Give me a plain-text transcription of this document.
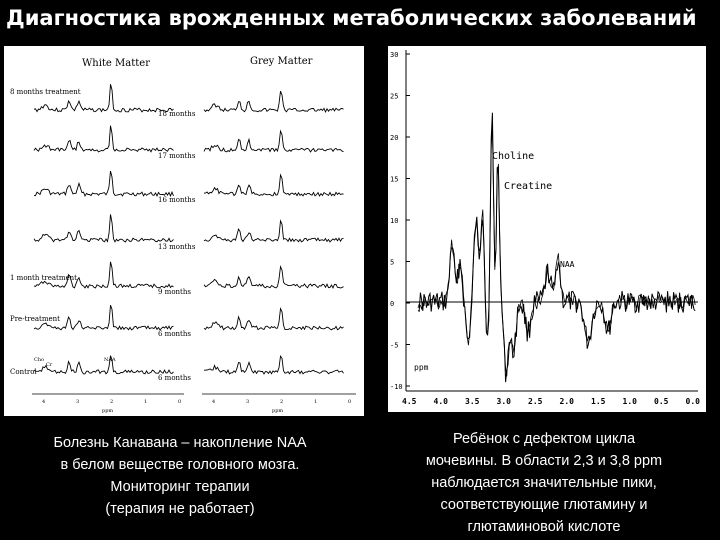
Диагностика врожденных метаболических заболеваний
White Matter	Grey Matter
8 months treatment
1 month treatment
Pre-treatment
Control
18 months
17 months
16 months
13 months
9 months
6 months
6 months
Cho
Cr
NAA
4	3	2	1	0	4	3	2	1	0
ppm	ppm
30
25
20
15
10
5
0
-5
-10
4.5 4.0 3.5 3.0 2.5 2.0 1.5 1.0 0.5 0.0
ppm
Choline
Creatine
NAA
Болезнь Канавана – накопление NAA
в белом веществе головного мозга.
Мониторинг терапии
(терапия не работает)
Ребёнок с дефектом цикла
мочевины. В области 2,3 и 3,8 ppm
наблюдается значительные пики,
соответствующие глютамину и
глютаминовой кислоте
